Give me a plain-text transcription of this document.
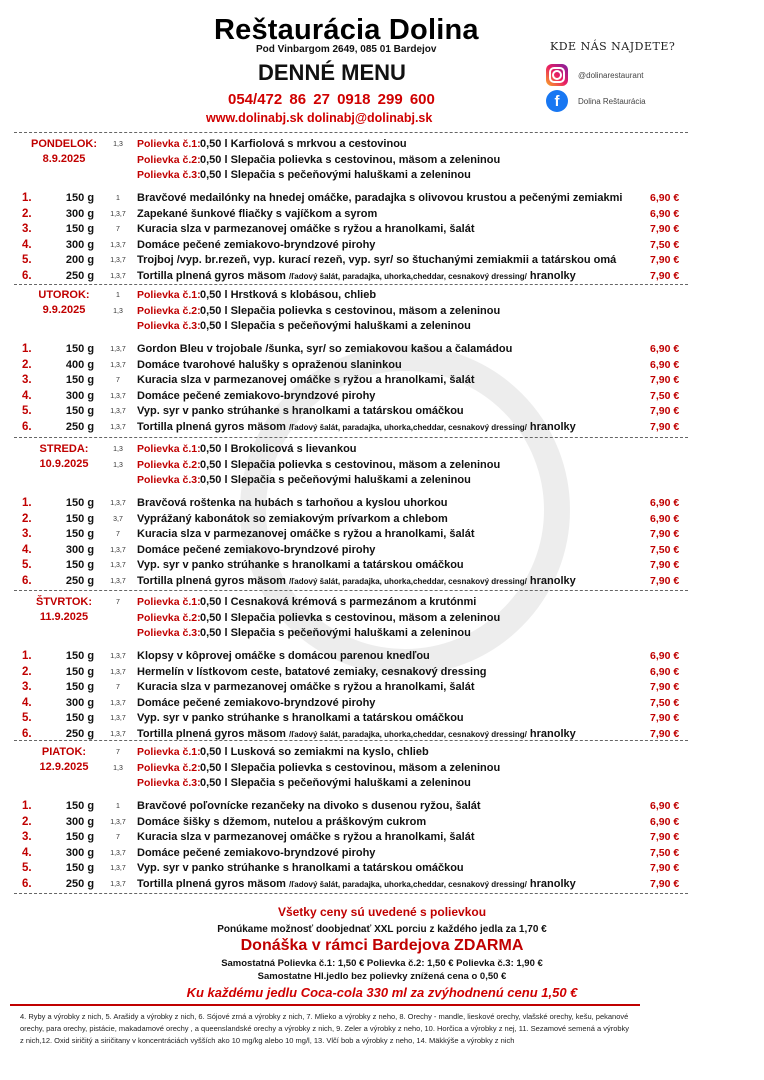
Reštaurácia Dolina
Pod Vinbargom 2649, 085 01 Bardejov
DENNÉ MENU
054/472 86 27 0918 299 600
www.dolinabj.sk dolinabj@dolinabj.sk
KDE NÁS NAJDETE?
@dolinarestaurant
f	Dolina Reštaurácia
PONDELOK:
8.9.2025
1,3	Polievka č.1: 0,50 l Karfiolová s mrkvou a cestovinou
Polievka č.2: 0,50 l Slepačia polievka s cestovinou, mäsom a zeleninou
Polievka č.3: 0,50 l Slepačia s pečeňovými haluškami a zeleninou
1.	150 g	1	Bravčové medailónky na hnedej omáčke, paradajka s olivovou krustou a pečenými zemiakmi	6,90 €
2.	300 g	1,3,7	Zapekané šunkové fliačky s vajíčkom a syrom	6,90 €
3.	150 g	7	Kuracia slza v parmezanovej omáčke s ryžou a hranolkami, šalát	7,90 €
4.	300 g	1,3,7	Domáce pečené zemiakovo-bryndzové pirohy	7,50 €
5.	200 g	1,3,7	Trojboj /vyp. br.rezeň, vyp. kurací rezeň, vyp. syr/ so štuchanými zemiakmii a tatárskou omá	7,90 €
6.	250 g	1,3,7	Tortilla plnená gyros mäsom /ľadový šalát, paradajka, uhorka,cheddar, cesnakový dressing/ hranolky	7,90 €
UTOROK:
9.9.2025
1	Polievka č.1: 0,50 l Hrstková s klobásou, chlieb
1,3	Polievka č.2: 0,50 l Slepačia polievka s cestovinou, mäsom a zeleninou
Polievka č.3: 0,50 l Slepačia s pečeňovými haluškami a zeleninou
1.	150 g	1,3,7	Gordon Bleu v trojobale /šunka, syr/ so zemiakovou kašou a čalamádou	6,90 €
2.	400 g	1,3,7	Domáce tvarohové halušky s opraženou slaninkou	6,90 €
3.	150 g	7	Kuracia slza v parmezanovej omáčke s ryžou a hranolkami, šalát	7,90 €
4.	300 g	1,3,7	Domáce pečené zemiakovo-bryndzové pirohy	7,50 €
5.	150 g	1,3,7	Vyp. syr v panko strúhanke s hranolkami a tatárskou omáčkou	7,90 €
6.	250 g	1,3,7	Tortilla plnená gyros mäsom /ľadový šalát, paradajka, uhorka,cheddar, cesnakový dressing/ hranolky	7,90 €
STREDA:
10.9.2025
1,3	Polievka č.1: 0,50 l Brokolicová s lievankou
1,3	Polievka č.2: 0,50 l Slepačia polievka s cestovinou, mäsom a zeleninou
Polievka č.3: 0,50 l Slepačia s pečeňovými haluškami a zeleninou
1.	150 g	1,3,7	Bravčová roštenka na hubách s tarhoňou a kyslou uhorkou	6,90 €
2.	150 g	3,7	Vyprážaný kabonátok so zemiakovým prívarkom a chlebom	6,90 €
3.	150 g	7	Kuracia slza v parmezanovej omáčke s ryžou a hranolkami, šalát	7,90 €
4.	300 g	1,3,7	Domáce pečené zemiakovo-bryndzové pirohy	7,50 €
5.	150 g	1,3,7	Vyp. syr v panko strúhanke s hranolkami a tatárskou omáčkou	7,90 €
6.	250 g	1,3,7	Tortilla plnená gyros mäsom /ľadový šalát, paradajka, uhorka,cheddar, cesnakový dressing/ hranolky	7,90 €
ŠTVRTOK:
11.9.2025
7	Polievka č.1: 0,50 l Cesnaková krémová s parmezánom a krutónmi
Polievka č.2: 0,50 l Slepačia polievka s cestovinou, mäsom a zeleninou
Polievka č.3: 0,50 l Slepačia s pečeňovými haluškami a zeleninou
1.	150 g	1,3,7	Klopsy v kôprovej omáčke s domácou parenou knedľou	6,90 €
2.	150 g	1,3,7	Hermelín v lístkovom ceste, batatové zemiaky, cesnakový dressing	6,90 €
3.	150 g	7	Kuracia slza v parmezanovej omáčke s ryžou a hranolkami, šalát	7,90 €
4.	300 g	1,3,7	Domáce pečené zemiakovo-bryndzové pirohy	7,50 €
5.	150 g	1,3,7	Vyp. syr v panko strúhanke s hranolkami a tatárskou omáčkou	7,90 €
6.	250 g	1,3,7	Tortilla plnená gyros mäsom /ľadový šalát, paradajka, uhorka,cheddar, cesnakový dressing/ hranolky	7,90 €
PIATOK:
12.9.2025
7	Polievka č.1: 0,50 l Lusková so zemiakmi na kyslo, chlieb
1,3	Polievka č.2: 0,50 l Slepačia polievka s cestovinou, mäsom a zeleninou
Polievka č.3: 0,50 l Slepačia s pečeňovými haluškami a zeleninou
1.	150 g	1	Bravčové poľovnícke rezančeky na divoko s dusenou ryžou, šalát	6,90 €
2.	300 g	1,3,7	Domáce šišky s džemom, nutelou a práškovým cukrom	6,90 €
3.	150 g	7	Kuracia slza v parmezanovej omáčke s ryžou a hranolkami, šalát	7,90 €
4.	300 g	1,3,7	Domáce pečené zemiakovo-bryndzové pirohy	7,50 €
5.	150 g	1,3,7	Vyp. syr v panko strúhanke s hranolkami a tatárskou omáčkou	7,90 €
6.	250 g	1,3,7	Tortilla plnená gyros mäsom /ľadový šalát, paradajka, uhorka,cheddar, cesnakový dressing/ hranolky	7,90 €
Všetky ceny sú uvedené s polievkou
Ponúkame možnosť doobjednať XXL porciu z každého jedla za 1,70 €
Donáška v rámci Bardejova ZDARMA
Samostatná Polievka č.1: 1,50 € Polievka č.2: 1,50 € Polievka č.3: 1,90 €
Samostatne Hl.jedlo bez polievky znížená cena o 0,50 €
Ku každému jedlu Coca-cola 330 ml za zvýhodnenú cenu 1,50 €
4. Ryby a výrobky z nich, 5. Arašidy a výrobky z nich, 6. Sójové zrná a výrobky z nich, 7. Mlieko a výrobky z neho, 8. Orechy - mandle, lieskové orechy, vlašské orechy, kešu, pekanové orechy, para orechy, pistácie, makadamové orechy , a queenslandské orechy a výrobky z nich, 9. Zeler a výrobky z neho, 10. Horčica a výrobky z nej, 11. Sezamové semená a výrobky z nich,12. Oxid siričitý a siričitany v koncentráciách vyšších ako 10 mg/kg alebo 10 mg/l, 13. Vlčí bob a výrobky z neho, 14. Mäkkýše a výrobky z nich
